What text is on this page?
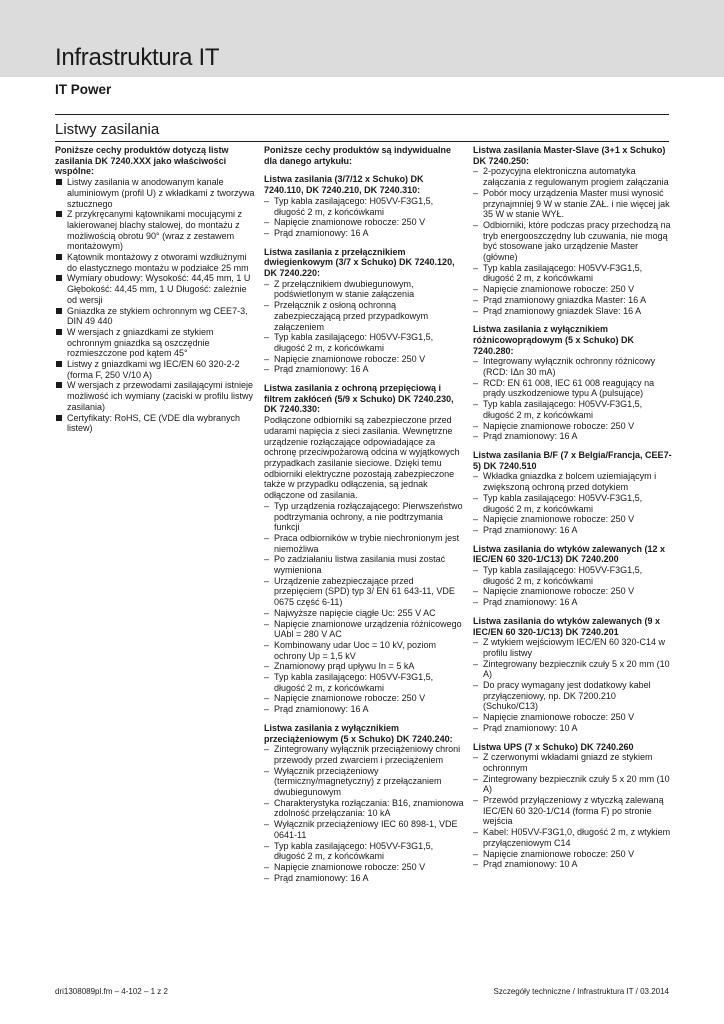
Infrastruktura IT
IT Power
Listwy zasilania

Poniższe cechy produktów dotyczą listw zasilania DK 7240.XXX jako właściwości wspólne:

Listwy zasilania w anodowanym kanale aluminiowym (profil U) z wkładkami z tworzywa sztucznego
Z przykręcanymi kątownikami mocującymi z lakierowanej blachy stalowej, do montażu z możliwością obrotu 90° (wraz z zestawem montażowym)
Kątownik montażowy z otworami wzdłużnymi do elastycznego montażu w podziałce 25 mm
Wymiary obudowy: Wysokość: 44,45 mm, 1 U Głębokość: 44,45 mm, 1 U Długość: zależnie od wersji
Gniazdka ze stykiem ochronnym wg CEE7-3, DIN 49 440
W wersjach z gniazdkami ze stykiem ochronnym gniazdka są oszczędnie rozmieszczone pod kątem 45°
Listwy z gniazdkami wg IEC/EN 60 320-2-2 (forma F, 250 V/10 A)
W wersjach z przewodami zasilającymi istnieje możliwość ich wymiany (zaciski w profilu listwy zasilania)
Certyfikaty: RoHS, CE (VDE dla wybranych listew)

Poniższe cechy produktów są indywidualne dla danego artykułu:

Listwa zasilania (3/7/12 x Schuko) DK 7240.110, DK 7240.210, DK 7240.310:

– Typ kabla zasilającego: H05VV-F3G1,5, długość 2 m, z końcówkami
– Napięcie znamionowe robocze: 250 V
– Prąd znamionowy: 16 A

Listwa zasilania z przełącznikiem dwiegienkowym (3/7 x Schuko) DK 7240.120, DK 7240.220:

– Z przełącznikiem dwubiegunowym, podświetlonym w stanie załączenia
– Przełącznik z osłoną ochronną zabezpieczającą przed przypadkowym załączeniem
– Typ kabla zasilającego: H05VV-F3G1,5, długość 2 m, z końcówkami
– Napięcie znamionowe robocze: 250 V
– Prąd znamionowy: 16 A

Listwa zasilania z ochroną przepięciową i filtrem zakłóceń (5/9 x Schuko) DK 7240.230, DK 7240.330:

Podłączone odbiorniki są zabezpieczone przed udarami napięcia z sieci zasilania. Wewnętrzne urządzenie rozłączające odpowiadające za ochronę przeciwpożarową odcina w wyjątkowych przypadkach zasilanie sieciowe. Dzięki temu odbiorniki elektryczne pozostają zabezpieczone także w przypadku odłączenia, są jednak odłączone od zasilania.

– Typ urządzenia rozłączającego: Pierwszeństwo podtrzymania ochrony, a nie podtrzymania funkcji
– Praca odbiorników w trybie niechronionym jest niemożliwa
– Po zadziałaniu listwa zasilania musi zostać wymieniona
– Urządzenie zabezpieczające przed przepięciem (SPD) typ 3/ EN 61 643-11, VDE 0675 część 6-11)
– Najwyższe napięcie ciągłe Uc: 255 V AC
– Napięcie znamionowe urządzenia różnicowego UAbl = 280 V AC
– Kombinowany udar Uoc = 10 kV, poziom ochrony Up = 1,5 kV
– Znamionowy prąd upływu In = 5 kA
– Typ kabla zasilającego: H05VV-F3G1,5, długość 2 m, z końcówkami
– Napięcie znamionowe robocze: 250 V
– Prąd znamionowy: 16 A

Listwa zasilania z wyłącznikiem przeciążeniowym (5 x Schuko) DK 7240.240:

– Zintegrowany wyłącznik przeciążeniowy chroni przewody przed zwarciem i przeciążeniem
– Wyłącznik przeciążeniowy (termiczny/magnetyczny) z przełączaniem dwubiegunowym
– Charakterystyka rozłączania: B16, znamionowa zdolność przełączania: 10 kA
– Wyłącznik przeciążeniowy IEC 60 898-1, VDE 0641-11
– Typ kabla zasilającego: H05VV-F3G1,5, długość 2 m, z końcówkami
– Napięcie znamionowe robocze: 250 V
– Prąd znamionowy: 16 A

Listwa zasilania Master-Slave (3+1 x Schuko) DK 7240.250:

– 2-pozycyjna elektroniczna automatyka załączania z regulowanym progiem załączania
– Pobór mocy urządzenia Master musi wynosić przynajmniej 9 W w stanie ZAŁ. i nie więcej jak 35 W w stanie WYŁ.
– Odbiorniki, które podczas pracy przechodzą na tryb energooszczędny lub czuwania, nie mogą być stosowane jako urządzenie Master (główne)
– Typ kabla zasilającego: H05VV-F3G1,5, długość 2 m, z końcówkami
– Napięcie znamionowe robocze: 250 V
– Prąd znamionowy gniazdka Master: 16 A
– Prąd znamionowy gniazdek Slave: 16 A

Listwa zasilania z wyłącznikiem różnicowoprądowym (5 x Schuko) DK 7240.280:

– Integrowany wyłącznik ochronny różnicowy (RCD: IΔn 30 mA)
– RCD: EN 61 008, IEC 61 008 reagujący na prądy uszkodzeniowe typu A (pulsujące)
– Typ kabla zasilającego: H05VV-F3G1,5, długość 2 m, z końcówkami
– Napięcie znamionowe robocze: 250 V
– Prąd znamionowy: 16 A

Listwa zasilania B/F (7 x Belgia/Francja, CEE7-5) DK 7240.510

– Wkładka gniazdka z bolcem uziemiającym i zwiększoną ochroną przed dotykiem
– Typ kabla zasilającego: H05VV-F3G1,5, długość 2 m, z końcówkami
– Napięcie znamionowe robocze: 250 V
– Prąd znamionowy: 16 A

Listwa zasilania do wtyków zalewanych (12 x IEC/EN 60 320-1/C13) DK 7240.200

– Typ kabla zasilającego: H05VV-F3G1,5, długość 2 m, z końcówkami
– Napięcie znamionowe robocze: 250 V
– Prąd znamionowy: 16 A

Listwa zasilania do wtyków zalewanych (9 x IEC/EN 60 320-1/C13) DK 7240.201

– Z wtykiem wejściowym IEC/EN 60 320-C14 w profilu listwy
– Zintegrowany bezpiecznik czuły 5 x 20 mm (10 A)
– Do pracy wymagany jest dodatkowy kabel przyłączeniowy, np. DK 7200.210 (Schuko/C13)
– Napięcie znamionowe robocze: 250 V
– Prąd znamionowy: 10 A

Listwa UPS (7 x Schuko) DK 7240.260

– Z czerwonymi wkładami gniazd ze stykiem ochronnym
– Zintegrowany bezpiecznik czuły 5 x 20 mm (10 A)
– Przewód przyłączeniowy z wtyczką zalewaną IEC/EN 60 320-1/C14 (forma F) po stronie wejścia
– Kabel: H05VV-F3G1,0, długość 2 m, z wtykiem przyłączeniowym C14
– Napięcie znamionowe robocze: 250 V
– Prąd znamionowy: 10 A
dri1308089pl.fm – 4-102 – 1 z 2	Szczegóły techniczne / Infrastruktura IT / 03.2014
